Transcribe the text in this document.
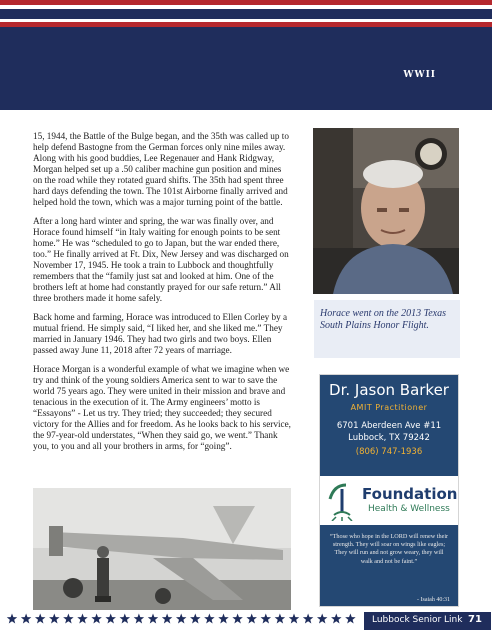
WWII

15, 1944, the Battle of the Bulge began, and the 35th was called up to help defend Bastogne from the German forces only nine miles away. Along with his good buddies, Lee Regenauer and Hank Ridgway, Morgan helped set up a .50 caliber machine gun position and mines on the road while they rotated guard shifts. The 35th had spent three hard days defending the town. The 101st Airborne finally arrived and helped hold the town, which was a major turning point of the battle.

After a long hard winter and spring, the war was finally over, and Horace found himself “in Italy waiting for enough points to be sent home.” He was “scheduled to go to Japan, but the war ended there, too.” He finally arrived at Ft. Dix, New Jersey and was discharged on November 17, 1945. He took a train to Lubbock and thoughtfully remembers that the “family just sat and looked at him. One of the brothers left at home had constantly prayed for our safe return.” All three brothers made it home safely.

Back home and farming, Horace was introduced to Ellen Corley by a mutual friend. He simply said, “I liked her, and she liked me.” They married in January 1946. They had two girls and two boys. Ellen passed away June 11, 2018 after 72 years of marriage.

Horace Morgan is a wonderful example of what we imagine when we try and think of the young soldiers America sent to war to save the world 75 years ago. They were united in their mission and brave and tenacious in the execution of it. The Army engineers’ motto is “Essayons” - Let us try. They tried; they succeeded; they secured victory for the Allies and for freedom. As he looks back to his service, the 97-year-old understates, “When they said go, we went.” Thank you, to you and all your brothers in arms, for “going”.

Horace went on the 2013 Texas South Plains Honor Flight.
Dr. Jason Barker
AMIT Practitioner
6701 Aberdeen Ave #11
Lubbock, TX 79242
(806) 747-1936
Foundation
Health & Wellness
“Those who hope in the LORD will renew their strength. They will soar on wings like eagles; They will run and not grow weary, they will walk and not be faint.”
- Isaiah 40:31
Lubbock Senior Link 71
